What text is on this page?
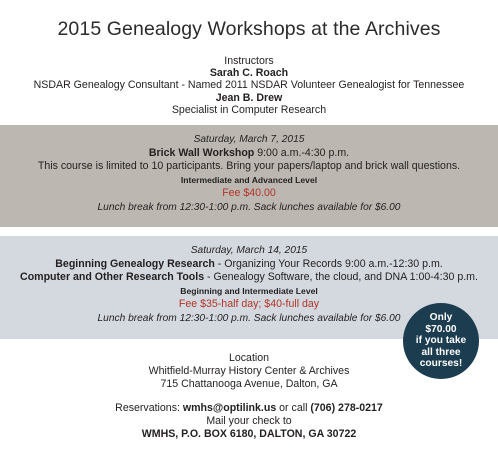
2015 Genealogy Workshops at the Archives
Instructors
Sarah C. Roach
NSDAR Genealogy Consultant - Named 2011 NSDAR Volunteer Genealogist for Tennessee
Jean B. Drew
Specialist in Computer Research
Saturday, March 7, 2015
Brick Wall Workshop 9:00 a.m.-4:30 p.m.
This course is limited to 10 participants. Bring your papers/laptop and brick wall questions.
Intermediate and Advanced Level
Fee $40.00
Lunch break from 12:30-1:00 p.m. Sack lunches available for $6.00
Saturday, March 14, 2015
Beginning Genealogy Research - Organizing Your Records 9:00 a.m.-12:30 p.m.
Computer and Other Research Tools - Genealogy Software, the cloud, and DNA 1:00-4:30 p.m.
Beginning and Intermediate Level
Fee $35-half day; $40-full day
Lunch break from 12:30-1:00 p.m. Sack lunches available for $6.00	Only
$70.00
if you take
all three
courses!
Location
Whitfield-Murray History Center & Archives
715 Chattanooga Avenue, Dalton, GA
Reservations: wmhs@optilink.us or call (706) 278-0217
Mail your check to
WMHS, P.O. BOX 6180, DALTON, GA 30722
